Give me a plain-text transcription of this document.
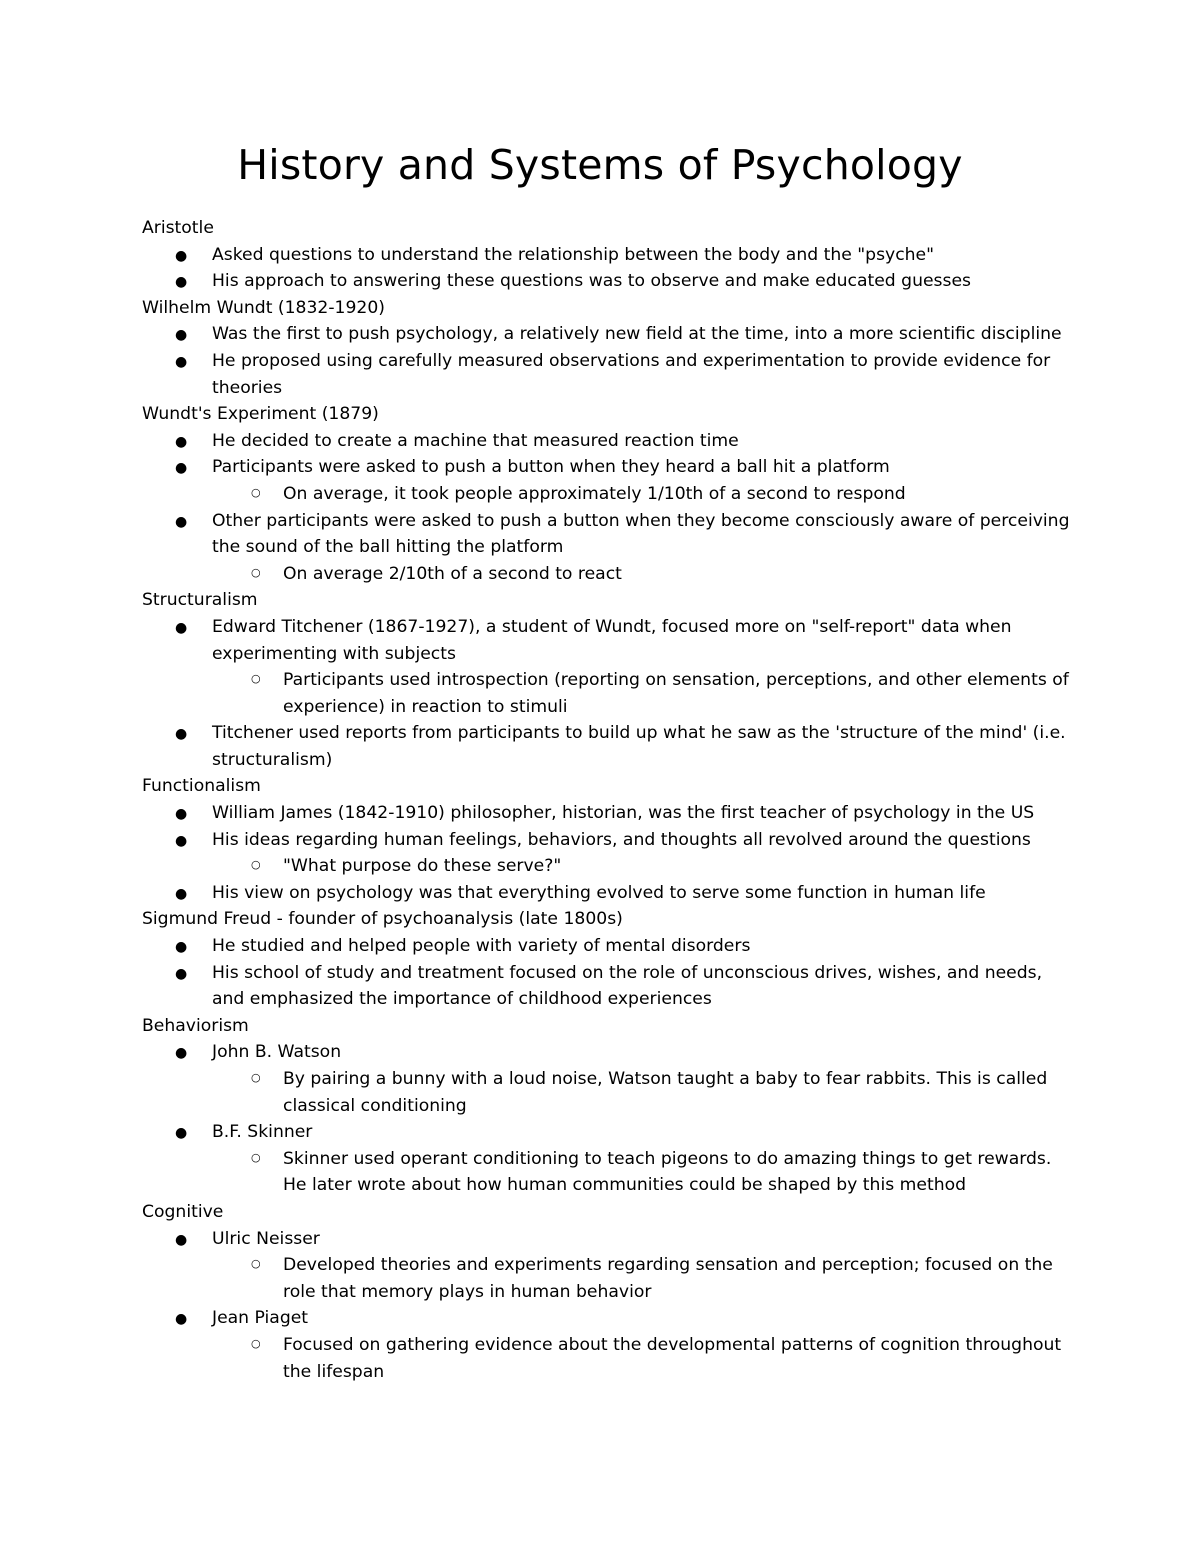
History and Systems of Psychology
Aristotle
● Asked questions to understand the relationship between the body and the "psyche"
● His approach to answering these questions was to observe and make educated guesses
Wilhelm Wundt (1832-1920)
● Was the first to push psychology, a relatively new field at the time, into a more scientific discipline
● He proposed using carefully measured observations and experimentation to provide evidence for theories
Wundt's Experiment (1879)
● He decided to create a machine that measured reaction time
● Participants were asked to push a button when they heard a ball hit a platform
○ On average, it took people approximately 1/10th of a second to respond
● Other participants were asked to push a button when they become consciously aware of perceiving the sound of the ball hitting the platform
○ On average 2/10th of a second to react
Structuralism
● Edward Titchener (1867-1927), a student of Wundt, focused more on "self-report" data when experimenting with subjects
○ Participants used introspection (reporting on sensation, perceptions, and other elements of experience) in reaction to stimuli
● Titchener used reports from participants to build up what he saw as the 'structure of the mind' (i.e. structuralism)
Functionalism
● William James (1842-1910) philosopher, historian, was the first teacher of psychology in the US
● His ideas regarding human feelings, behaviors, and thoughts all revolved around the questions
○ "What purpose do these serve?"
● His view on psychology was that everything evolved to serve some function in human life
Sigmund Freud - founder of psychoanalysis (late 1800s)
● He studied and helped people with variety of mental disorders
● His school of study and treatment focused on the role of unconscious drives, wishes, and needs, and emphasized the importance of childhood experiences
Behaviorism
● John B. Watson
○ By pairing a bunny with a loud noise, Watson taught a baby to fear rabbits. This is called classical conditioning
● B.F. Skinner
○ Skinner used operant conditioning to teach pigeons to do amazing things to get rewards. He later wrote about how human communities could be shaped by this method
Cognitive
● Ulric Neisser
○ Developed theories and experiments regarding sensation and perception; focused on the role that memory plays in human behavior
● Jean Piaget
○ Focused on gathering evidence about the developmental patterns of cognition throughout the lifespan
